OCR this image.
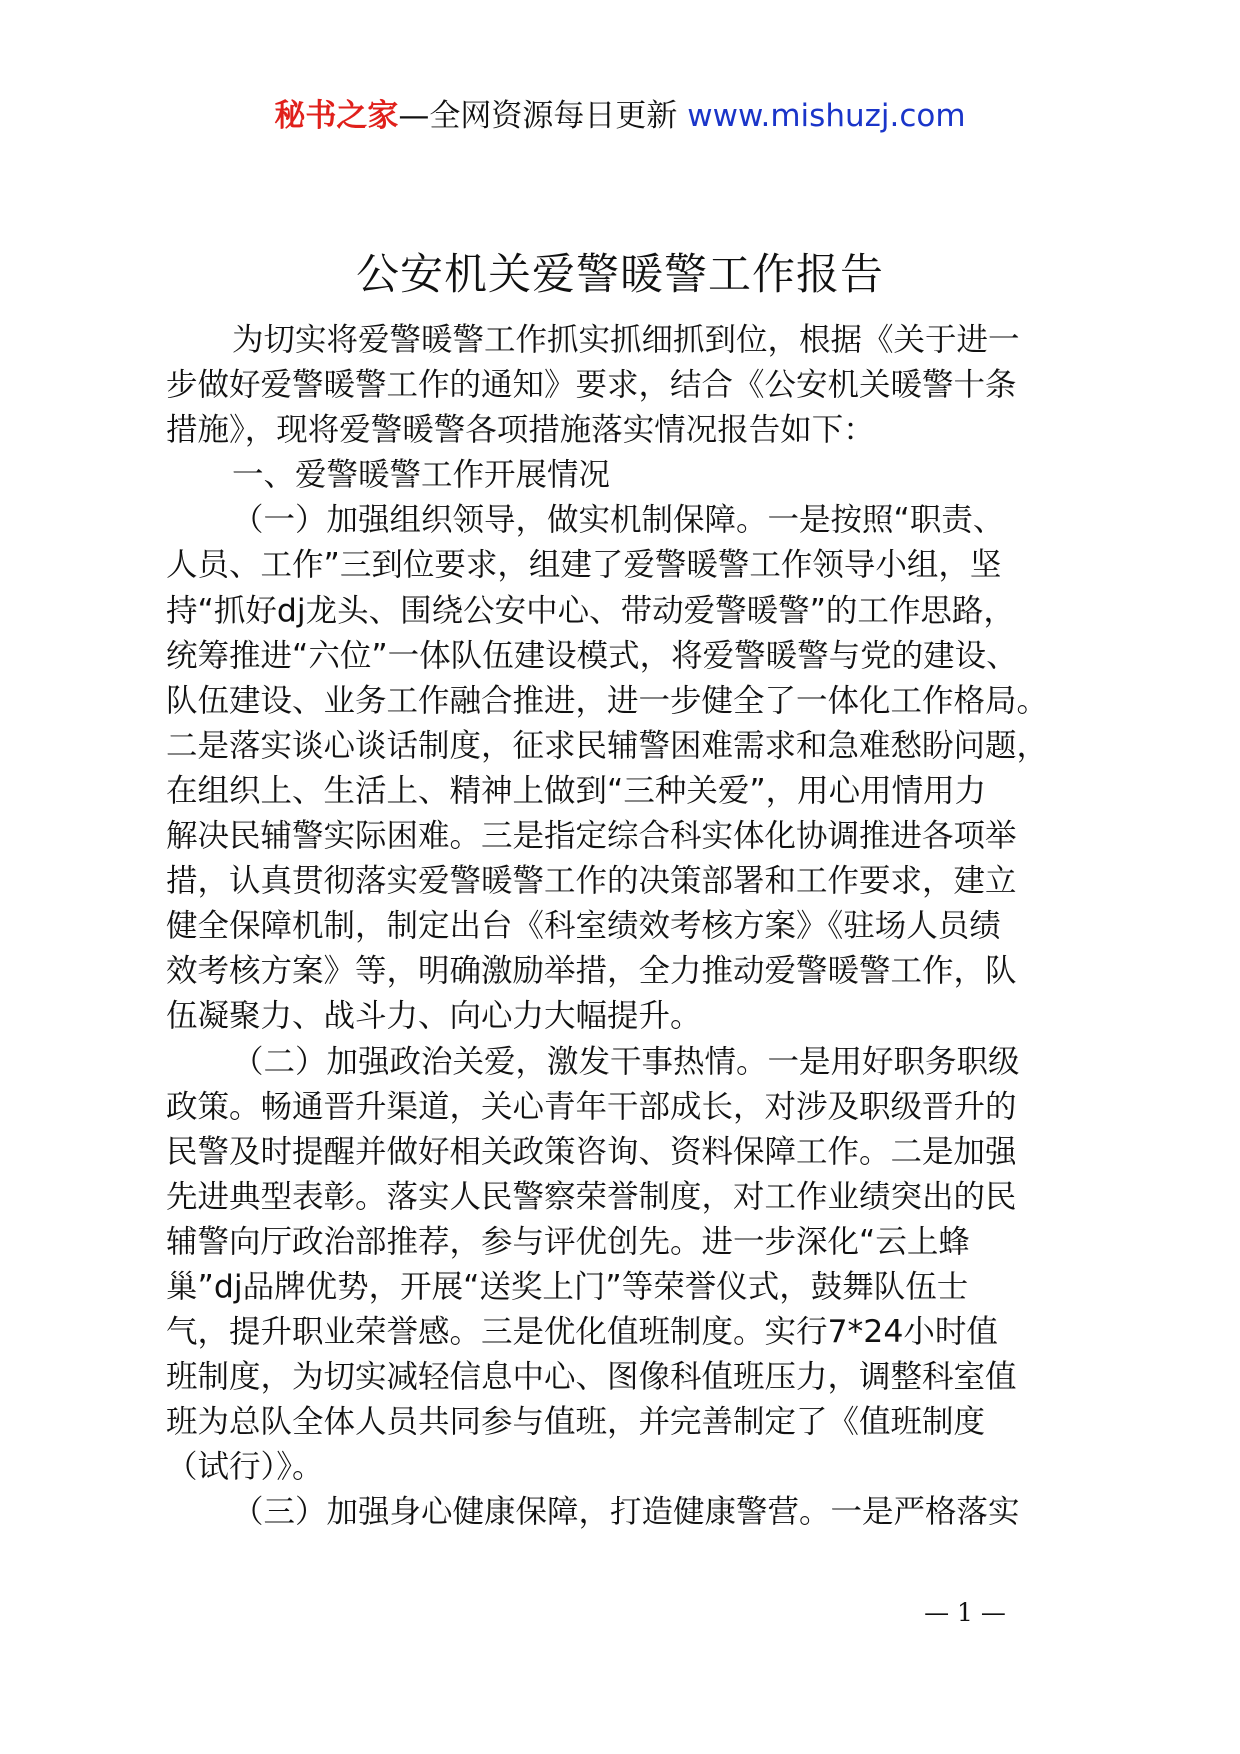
秘书之家—全网资源每日更新 www.mishuzj.com
公安机关爱警暖警工作报告
为切实将爱警暖警工作抓实抓细抓到位，根据《关于进一
步做好爱警暖警工作的通知》要求，结合《公安机关暖警十条
措施》，现将爱警暖警各项措施落实情况报告如下：
一、爱警暖警工作开展情况
（一）加强组织领导，做实机制保障。一是按照“职责、
人员、工作”三到位要求，组建了爱警暖警工作领导小组，坚
持“抓好dj龙头、围绕公安中心、带动爱警暖警”的工作思路，
统筹推进“六位”一体队伍建设模式，将爱警暖警与党的建设、
队伍建设、业务工作融合推进，进一步健全了一体化工作格局。
二是落实谈心谈话制度，征求民辅警困难需求和急难愁盼问题，
在组织上、生活上、精神上做到“三种关爱”，用心用情用力
解决民辅警实际困难。三是指定综合科实体化协调推进各项举
措，认真贯彻落实爱警暖警工作的决策部署和工作要求，建立
健全保障机制，制定出台《科室绩效考核方案》《驻场人员绩
效考核方案》等，明确激励举措，全力推动爱警暖警工作，队
伍凝聚力、战斗力、向心力大幅提升。
（二）加强政治关爱，激发干事热情。一是用好职务职级
政策。畅通晋升渠道，关心青年干部成长，对涉及职级晋升的
民警及时提醒并做好相关政策咨询、资料保障工作。二是加强
先进典型表彰。落实人民警察荣誉制度，对工作业绩突出的民
辅警向厅政治部推荐，参与评优创先。进一步深化“云上蜂
巢”dj品牌优势，开展“送奖上门”等荣誉仪式，鼓舞队伍士
气，提升职业荣誉感。三是优化值班制度。实行7*24小时值
班制度，为切实减轻信息中心、图像科值班压力，调整科室值
班为总队全体人员共同参与值班，并完善制定了《值班制度
（试行）》。
（三）加强身心健康保障，打造健康警营。一是严格落实
— 1 —
